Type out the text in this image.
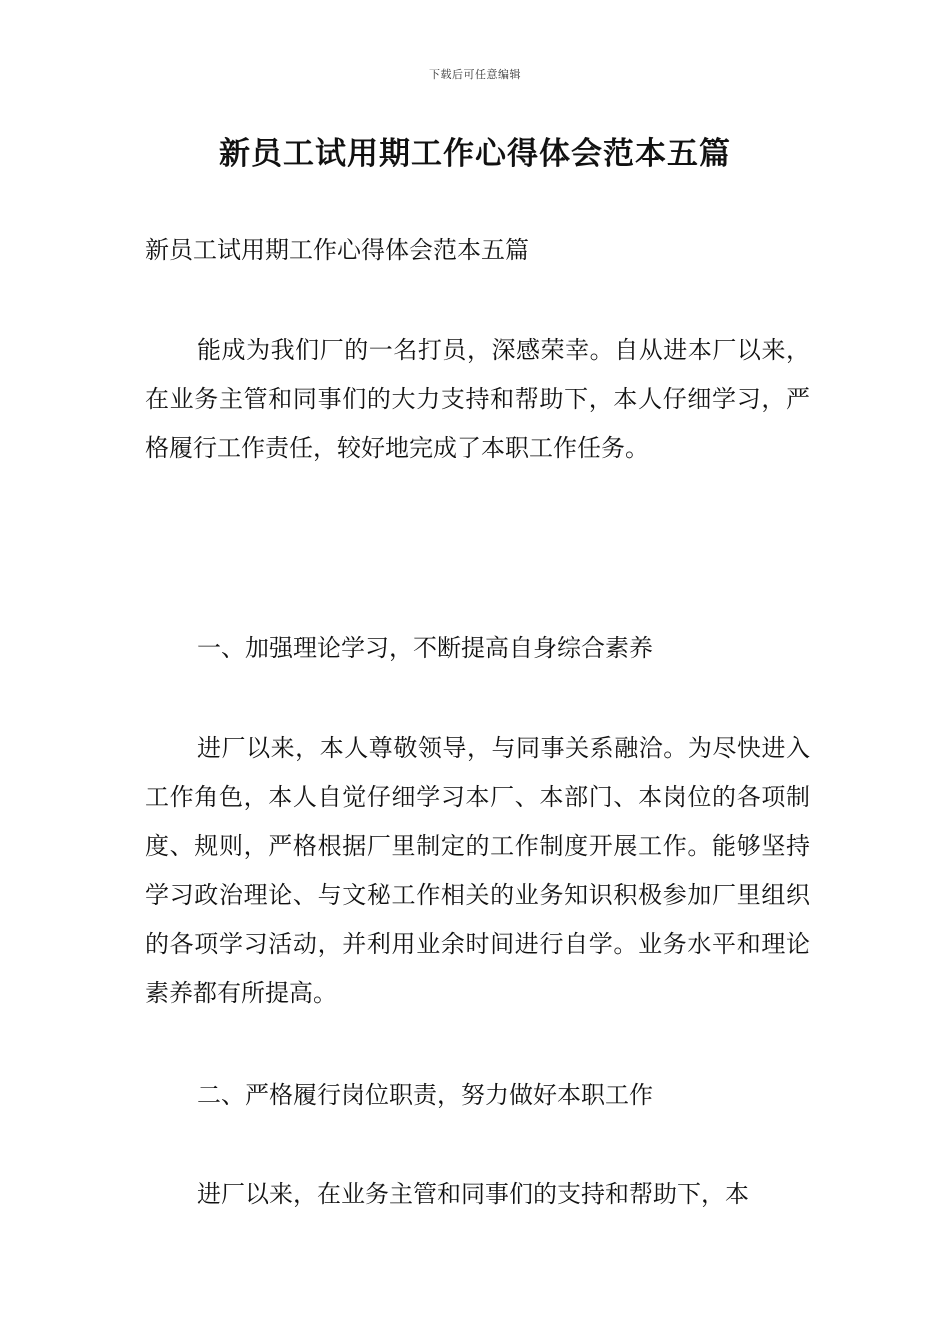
下载后可任意编辑
新员工试用期工作心得体会范本五篇

新员工试用期工作心得体会范本五篇

能成为我们厂的一名打员，深感荣幸。自从进本厂以来，在业务主管和同事们的大力支持和帮助下，本人仔细学习，严格履行工作责任，较好地完成了本职工作任务。

一、加强理论学习，不断提高自身综合素养

进厂以来，本人尊敬领导，与同事关系融洽。为尽快进入工作角色，本人自觉仔细学习本厂、本部门、本岗位的各项制度、规则，严格根据厂里制定的工作制度开展工作。能够坚持学习政治理论、与文秘工作相关的业务知识积极参加厂里组织的各项学习活动，并利用业余时间进行自学。业务水平和理论素养都有所提高。

二、严格履行岗位职责，努力做好本职工作

进厂以来，在业务主管和同事们的支持和帮助下，本
